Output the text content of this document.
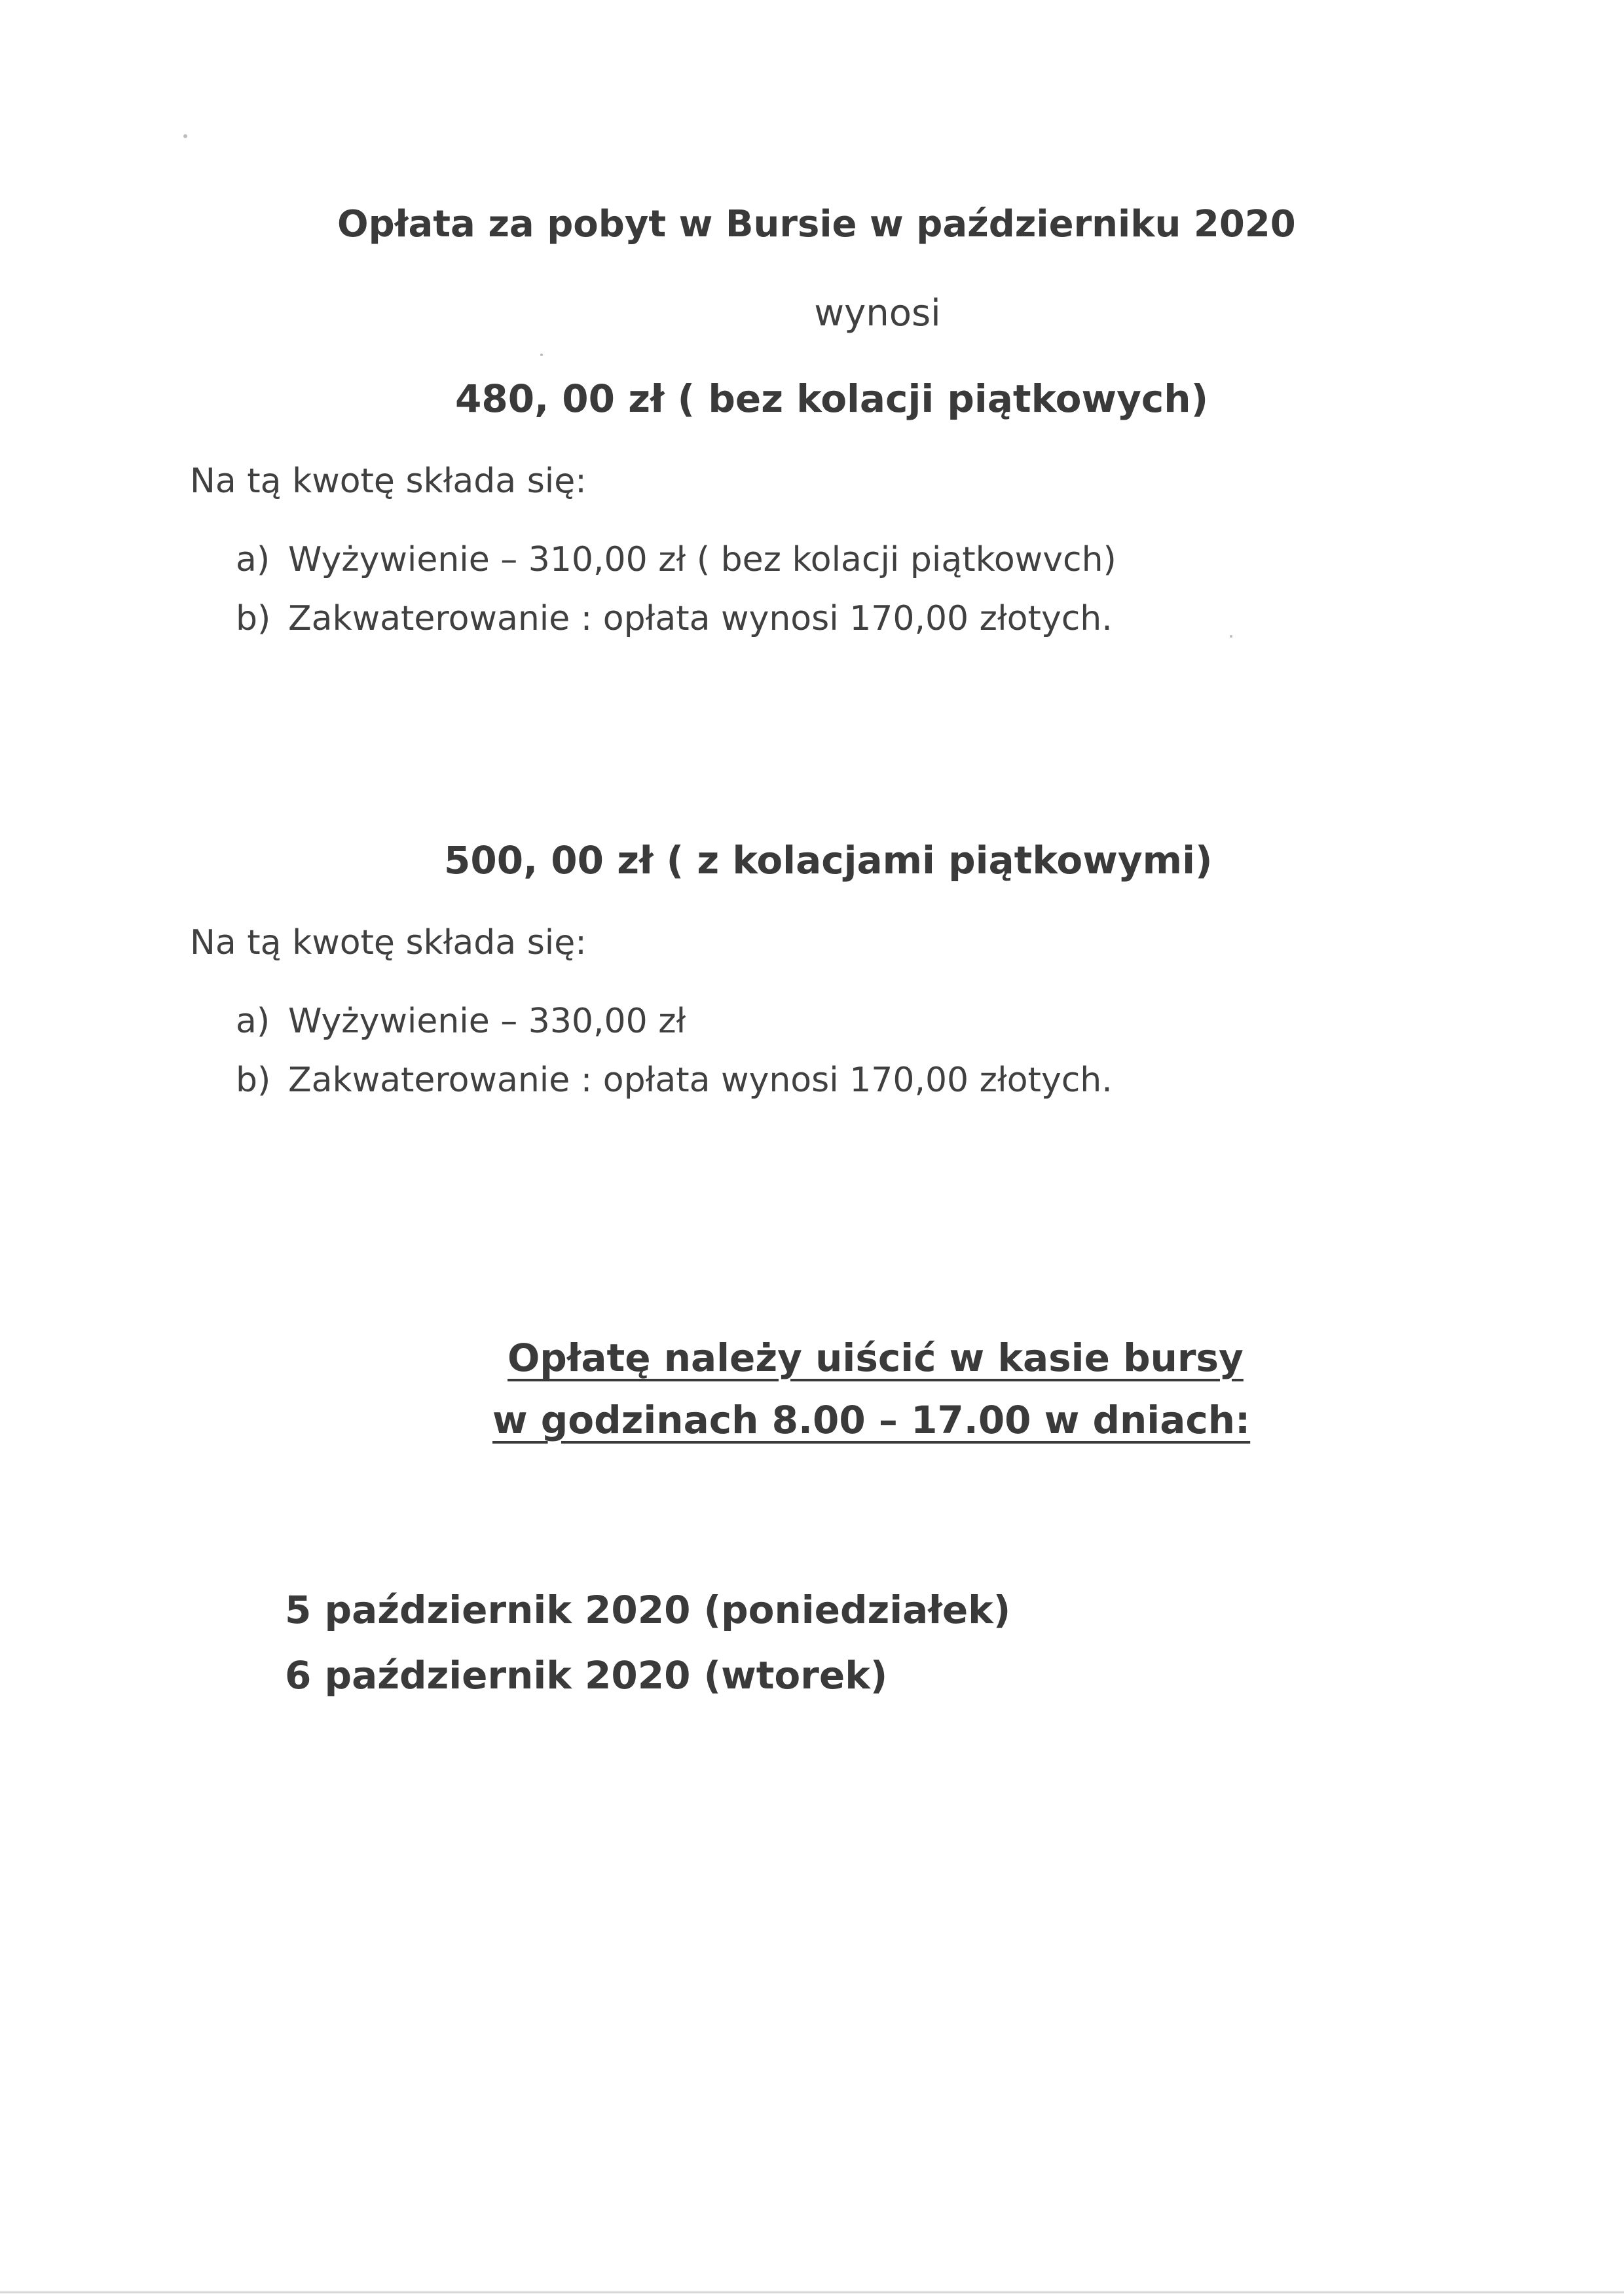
Opłata za pobyt w Bursie w październiku 2020

wynosi

480, 00 zł ( bez kolacji piątkowych)

Na tą kwotę składa się:

a) Wyżywienie – 310,00 zł ( bez kolacji piątkowvch)

b) Zakwaterowanie : opłata wynosi 170,00 złotych.

500, 00 zł ( z kolacjami piątkowymi)

Na tą kwotę składa się:

a) Wyżywienie – 330,00 zł

b) Zakwaterowanie : opłata wynosi 170,00 złotych.

Opłatę należy uiścić w kasie bursy

w godzinach 8.00 – 17.00 w dniach:

5 październik 2020 (poniedziałek)

6 październik 2020 (wtorek)
